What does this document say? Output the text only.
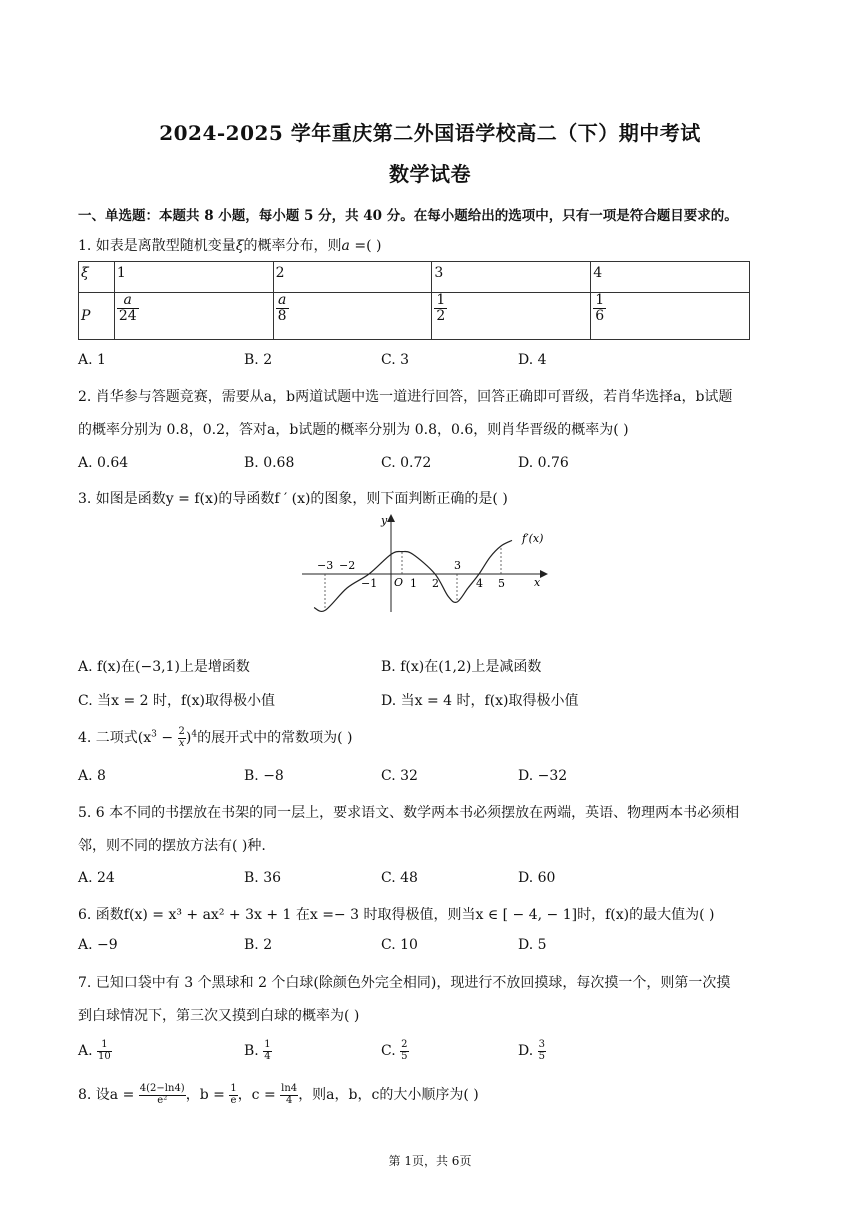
2024-2025 学年重庆第二外国语学校高二（下）期中考试
数学试卷
一、单选题：本题共 8 小题，每小题 5 分，共 40 分。在每小题给出的选项中，只有一项是符合题目要求的。
1. 如表是离散型随机变量ξ的概率分布，则a =( )
ξ	1	2	3	4
P	$\frac{a}{24}$	$\frac{a}{8}$	$\frac{1}{2}$	$\frac{1}{6}$
A. 1	B. 2	C. 3	D. 4
2. 肖华参与答题竞赛，需要从a，b两道试题中选一道进行回答，回答正确即可晋级，若肖华选择a，b试题
的概率分别为 0.8，0.2，答对a，b试题的概率分别为 0.8，0.6，则肖华晋级的概率为( )
A. 0.64	B. 0.68	C. 0.72	D. 0.76
3. 如图是函数y = f(x)的导函数f ′ (x)的图象，则下面判断正确的是( )
y
x
f′(x)
O
−3 −2
−1	1 2
3
4 5
A. f(x)在(−3,1)上是增函数	B. f(x)在(1,2)上是减函数
C. 当x = 2 时，f(x)取得极小值	D. 当x = 4 时，f(x)取得极小值
4. 二项式$(x^3 - \frac{2}{x} )^4$的展开式中的常数项为( )
A. 8	B. −8	C. 32	D. −32
5. 6 本不同的书摆放在书架的同一层上，要求语文、数学两本书必须摆放在两端，英语、物理两本书必须相
邻，则不同的摆放方法有( )种.
A. 24	B. 36	C. 48	D. 60
6. 函数f(x) = x³ + ax² + 3x + 1 在x =− 3 时取得极值，则当x ∈ [ − 4, − 1]时，f(x)的最大值为( )
A. −9	B. 2	C. 10	D. 5
7. 已知口袋中有 3 个黑球和 2 个白球(除颜色外完全相同)，现进行不放回摸球，每次摸一个，则第一次摸
到白球情况下，第三次又摸到白球的概率为( )
A. $\frac{1}{10}$	B. $\frac{1}{4}$	C. $\frac{2}{5}$	D. $\frac{3}{5}$
8. 设$a = \frac{4(2-\ln 4)}{\text{e²}}$ ，$b = \frac{1}{e}$ ，$c = \frac{\ln 4}{4}$ ，则a，b，c的大小顺序为( )
第 1页，共 6页
